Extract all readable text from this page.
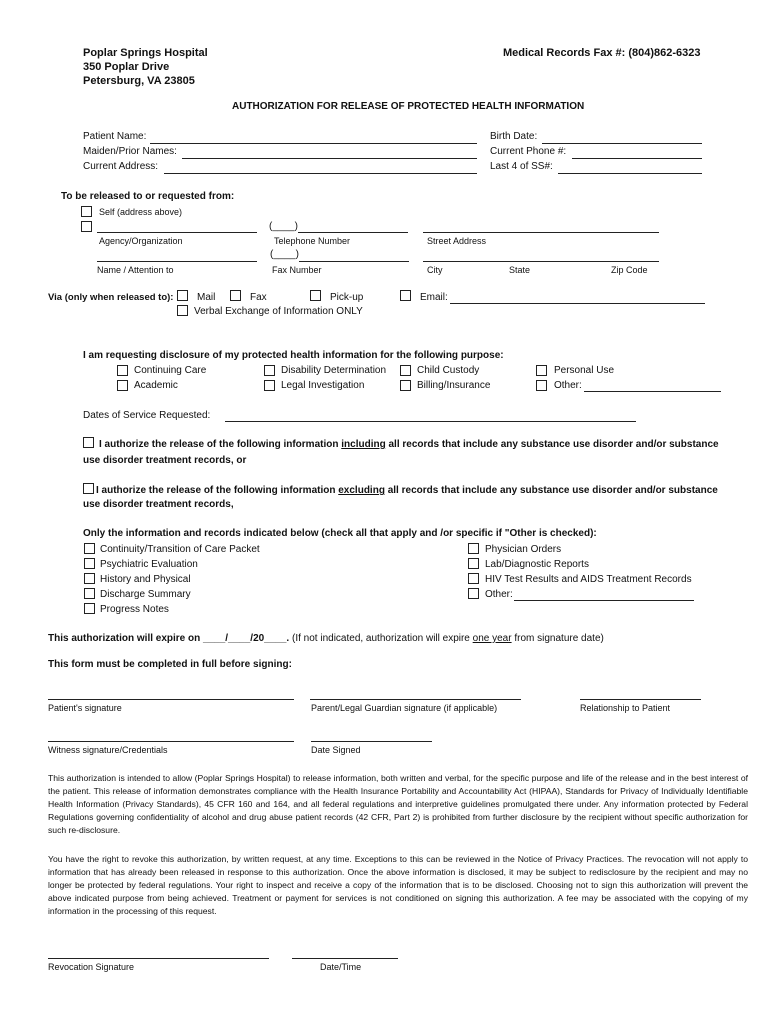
Poplar Springs Hospital
350 Poplar Drive
Petersburg, VA 23805
Medical Records Fax #: (804)862-6323
AUTHORIZATION FOR RELEASE OF PROTECTED HEALTH INFORMATION
Patient Name:
Maiden/Prior Names:
Current Address:
Birth Date:
Current Phone #:
Last 4 of SS#:
To be released to or requested from:
Self (address above)
(____)
Agency/Organization	Telephone Number	Street Address
(____)
Name / Attention to	Fax Number	City	State	Zip Code
Via (only when released to): Mail	Fax	Pick-up	Email:
Verbal Exchange of Information ONLY
I am requesting disclosure of my protected health information for the following purpose:
Continuing Care
Academic
Disability Determination
Legal Investigation
Child Custody
Billing/Insurance
Personal Use
Other:
Dates of Service Requested:
I authorize the release of the following information including all records that include any substance use disorder and/or substance
use disorder treatment records, or
I authorize the release of the following information excluding all records that include any substance use disorder and/or substance
use disorder treatment records,
Only the information and records indicated below (check all that apply and /or specific if "Other is checked):
Continuity/Transition of Care Packet
Psychiatric Evaluation
History and Physical
Discharge Summary
Progress Notes
Physician Orders
Lab/Diagnostic Reports
HIV Test Results and AIDS Treatment Records
Other:
This authorization will expire on ____/____/20____. (If not indicated, authorization will expire one year from signature date)
This form must be completed in full before signing:
Patient's signature	Parent/Legal Guardian signature (if applicable)	Relationship to Patient
Witness signature/Credentials	Date Signed
This authorization is intended to allow (Poplar Springs Hospital) to release information, both written and verbal, for the specific purpose and life of the release and in the best interest of the patient. This release of information demonstrates compliance with the Health Insurance Portability and Accountability Act (HIPAA), Standards for Privacy of Individually Identifiable Health Information (Privacy Standards), 45 CFR 160 and 164, and all federal regulations and interpretive guidelines promulgated there under. Any information protected by Federal Regulations governing confidentiality of alcohol and drug abuse patient records (42 CFR, Part 2) is prohibited from further disclosure by the recipient without specific authorization for such re-disclosure.
You have the right to revoke this authorization, by written request, at any time. Exceptions to this can be reviewed in the Notice of Privacy Practices. The revocation will not apply to information that has already been released in response to this authorization. Once the above information is disclosed, it may be subject to redisclosure by the recipient and may no longer be protected by federal regulations. Your right to inspect and receive a copy of the information that is to be disclosed. Choosing not to sign this authorization will prevent the above indicated purpose from being achieved. Treatment or payment for services is not conditioned on signing this authorization. A fee may be associated with the copying of my information in the processing of this request.
Revocation Signature	Date/Time
